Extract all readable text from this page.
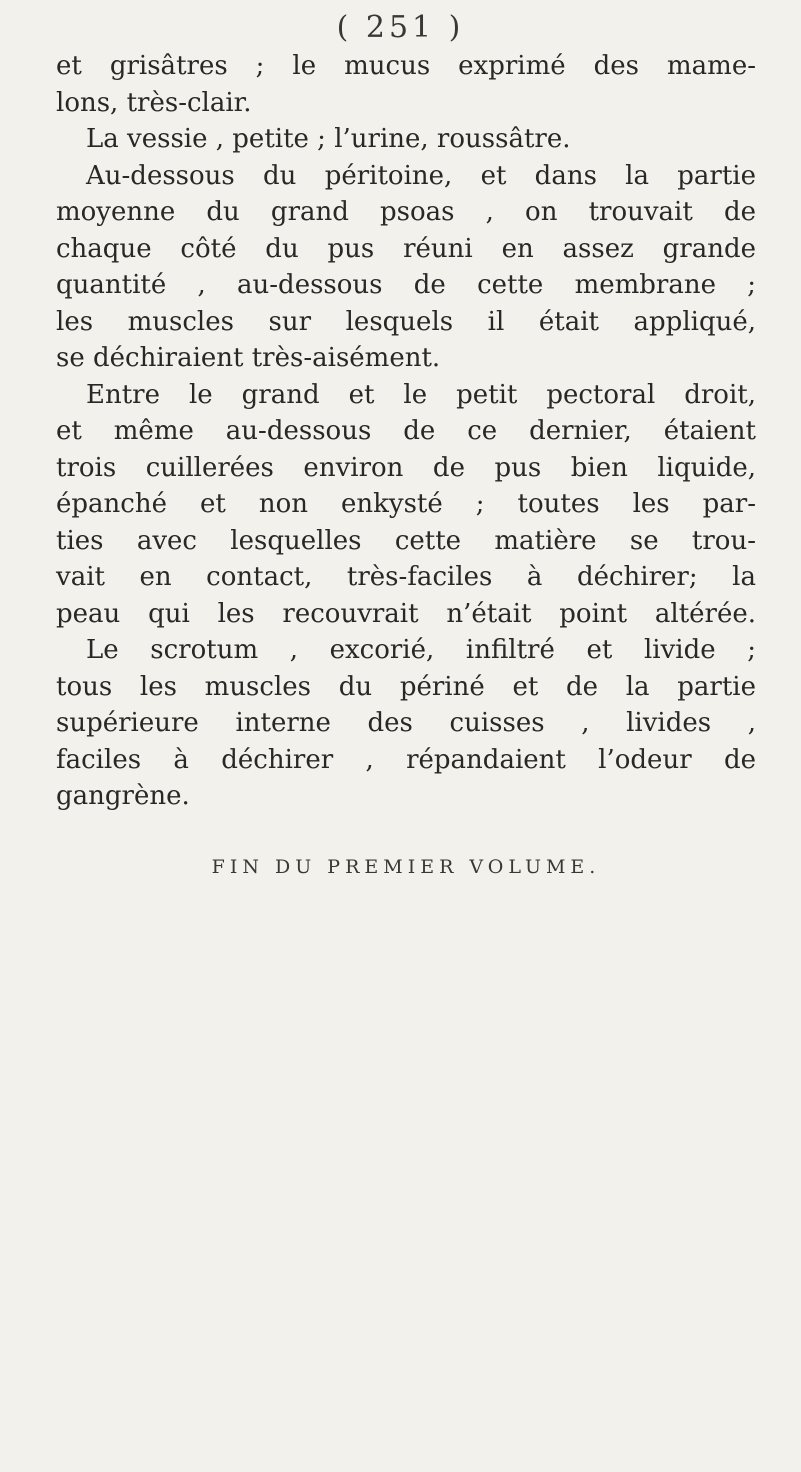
( 251 )
et grisâtres ; le mucus exprimé des mame-
lons, très-clair.
La vessie , petite ; l’urine, roussâtre.
Au-dessous du péritoine, et dans la partie
moyenne du grand psoas , on trouvait de
chaque côté du pus réuni en assez grande
quantité , au-dessous de cette membrane ;
les muscles sur lesquels il était appliqué,
se déchiraient très-aisément.
Entre le grand et le petit pectoral droit,
et même au-dessous de ce dernier, étaient
trois cuillerées environ de pus bien liquide,
épanché et non enkysté ; toutes les par-
ties avec lesquelles cette matière se trou-
vait en contact, très-faciles à déchirer; la
peau qui les recouvrait n’était point altérée.
Le scrotum , excorié, infiltré et livide ;
tous les muscles du périné et de la partie
supérieure interne des cuisses , livides ,
faciles à déchirer , répandaient l’odeur de
gangrène.
FIN DU PREMIER VOLUME.
